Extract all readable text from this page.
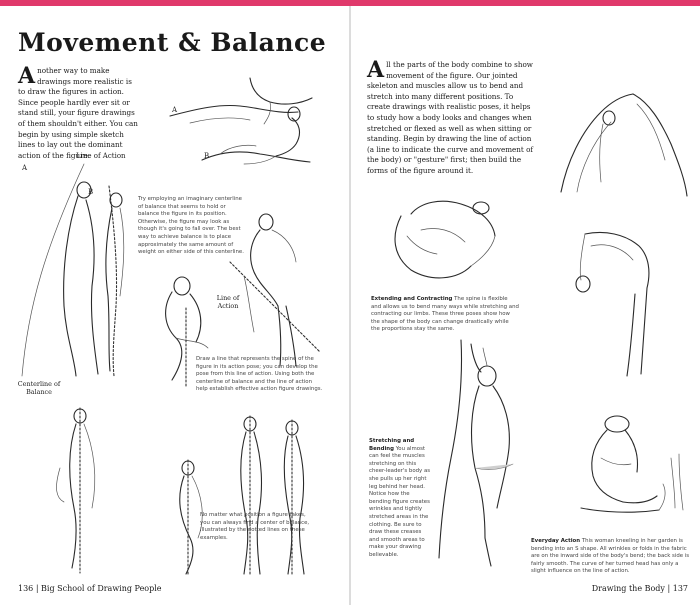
Movement & Balance
Another way to make drawings more realistic is to draw the figures in action. Since people hardly ever sit or stand still, your figure drawings of them shouldn't either. You can begin by using simple sketch lines to lay out the dominant action of the figure.
A
B
Line of Action
A
B
Try employing an imaginary centerline of balance that seems to hold or balance the figure in its position. Otherwise, the figure may look as though it's going to fall over. The best way to achieve balance is to place approximately the same amount of weight on either side of this centerline.
Line of Action
Draw a line that represents the spine of the figure in its action pose; you can develop the pose from this line of action. Using both the centerline of balance and the line of action help establish effective action figure drawings.
Centerline of Balance
No matter what position a figure takes, you can always find a center of balance, illustrated by the dotted lines on these examples.
136 | Big School of Drawing People
All the parts of the body combine to show movement of the figure. Our jointed skeleton and muscles allow us to bend and stretch into many different positions. To create drawings with realistic poses, it helps to study how a body looks and changes when stretched or flexed as well as when sitting or standing. Begin by drawing the line of action (a line to indicate the curve and movement of the body) or "gesture" first; then build the forms of the figure around it.
Extending and Contracting The spine is flexible and allows us to bend many ways while stretching and contracting our limbs. These three poses show how the shape of the body can change drastically while the proportions stay the same.
Stretching and Bending You almost can feel the muscles stretching on this cheer-leader's body as she pulls up her right leg behind her head. Notice how the bending figure creates wrinkles and tightly stretched areas in the clothing. Be sure to draw these creases and smooth areas to make your drawing believable.
Everyday Action This woman kneeling in her garden is bending into an S shape. All wrinkles or folds in the fabric are on the inward side of the body's bend; the back side is fairly smooth. The curve of her turned head has only a slight influence on the line of action.
Drawing the Body | 137
